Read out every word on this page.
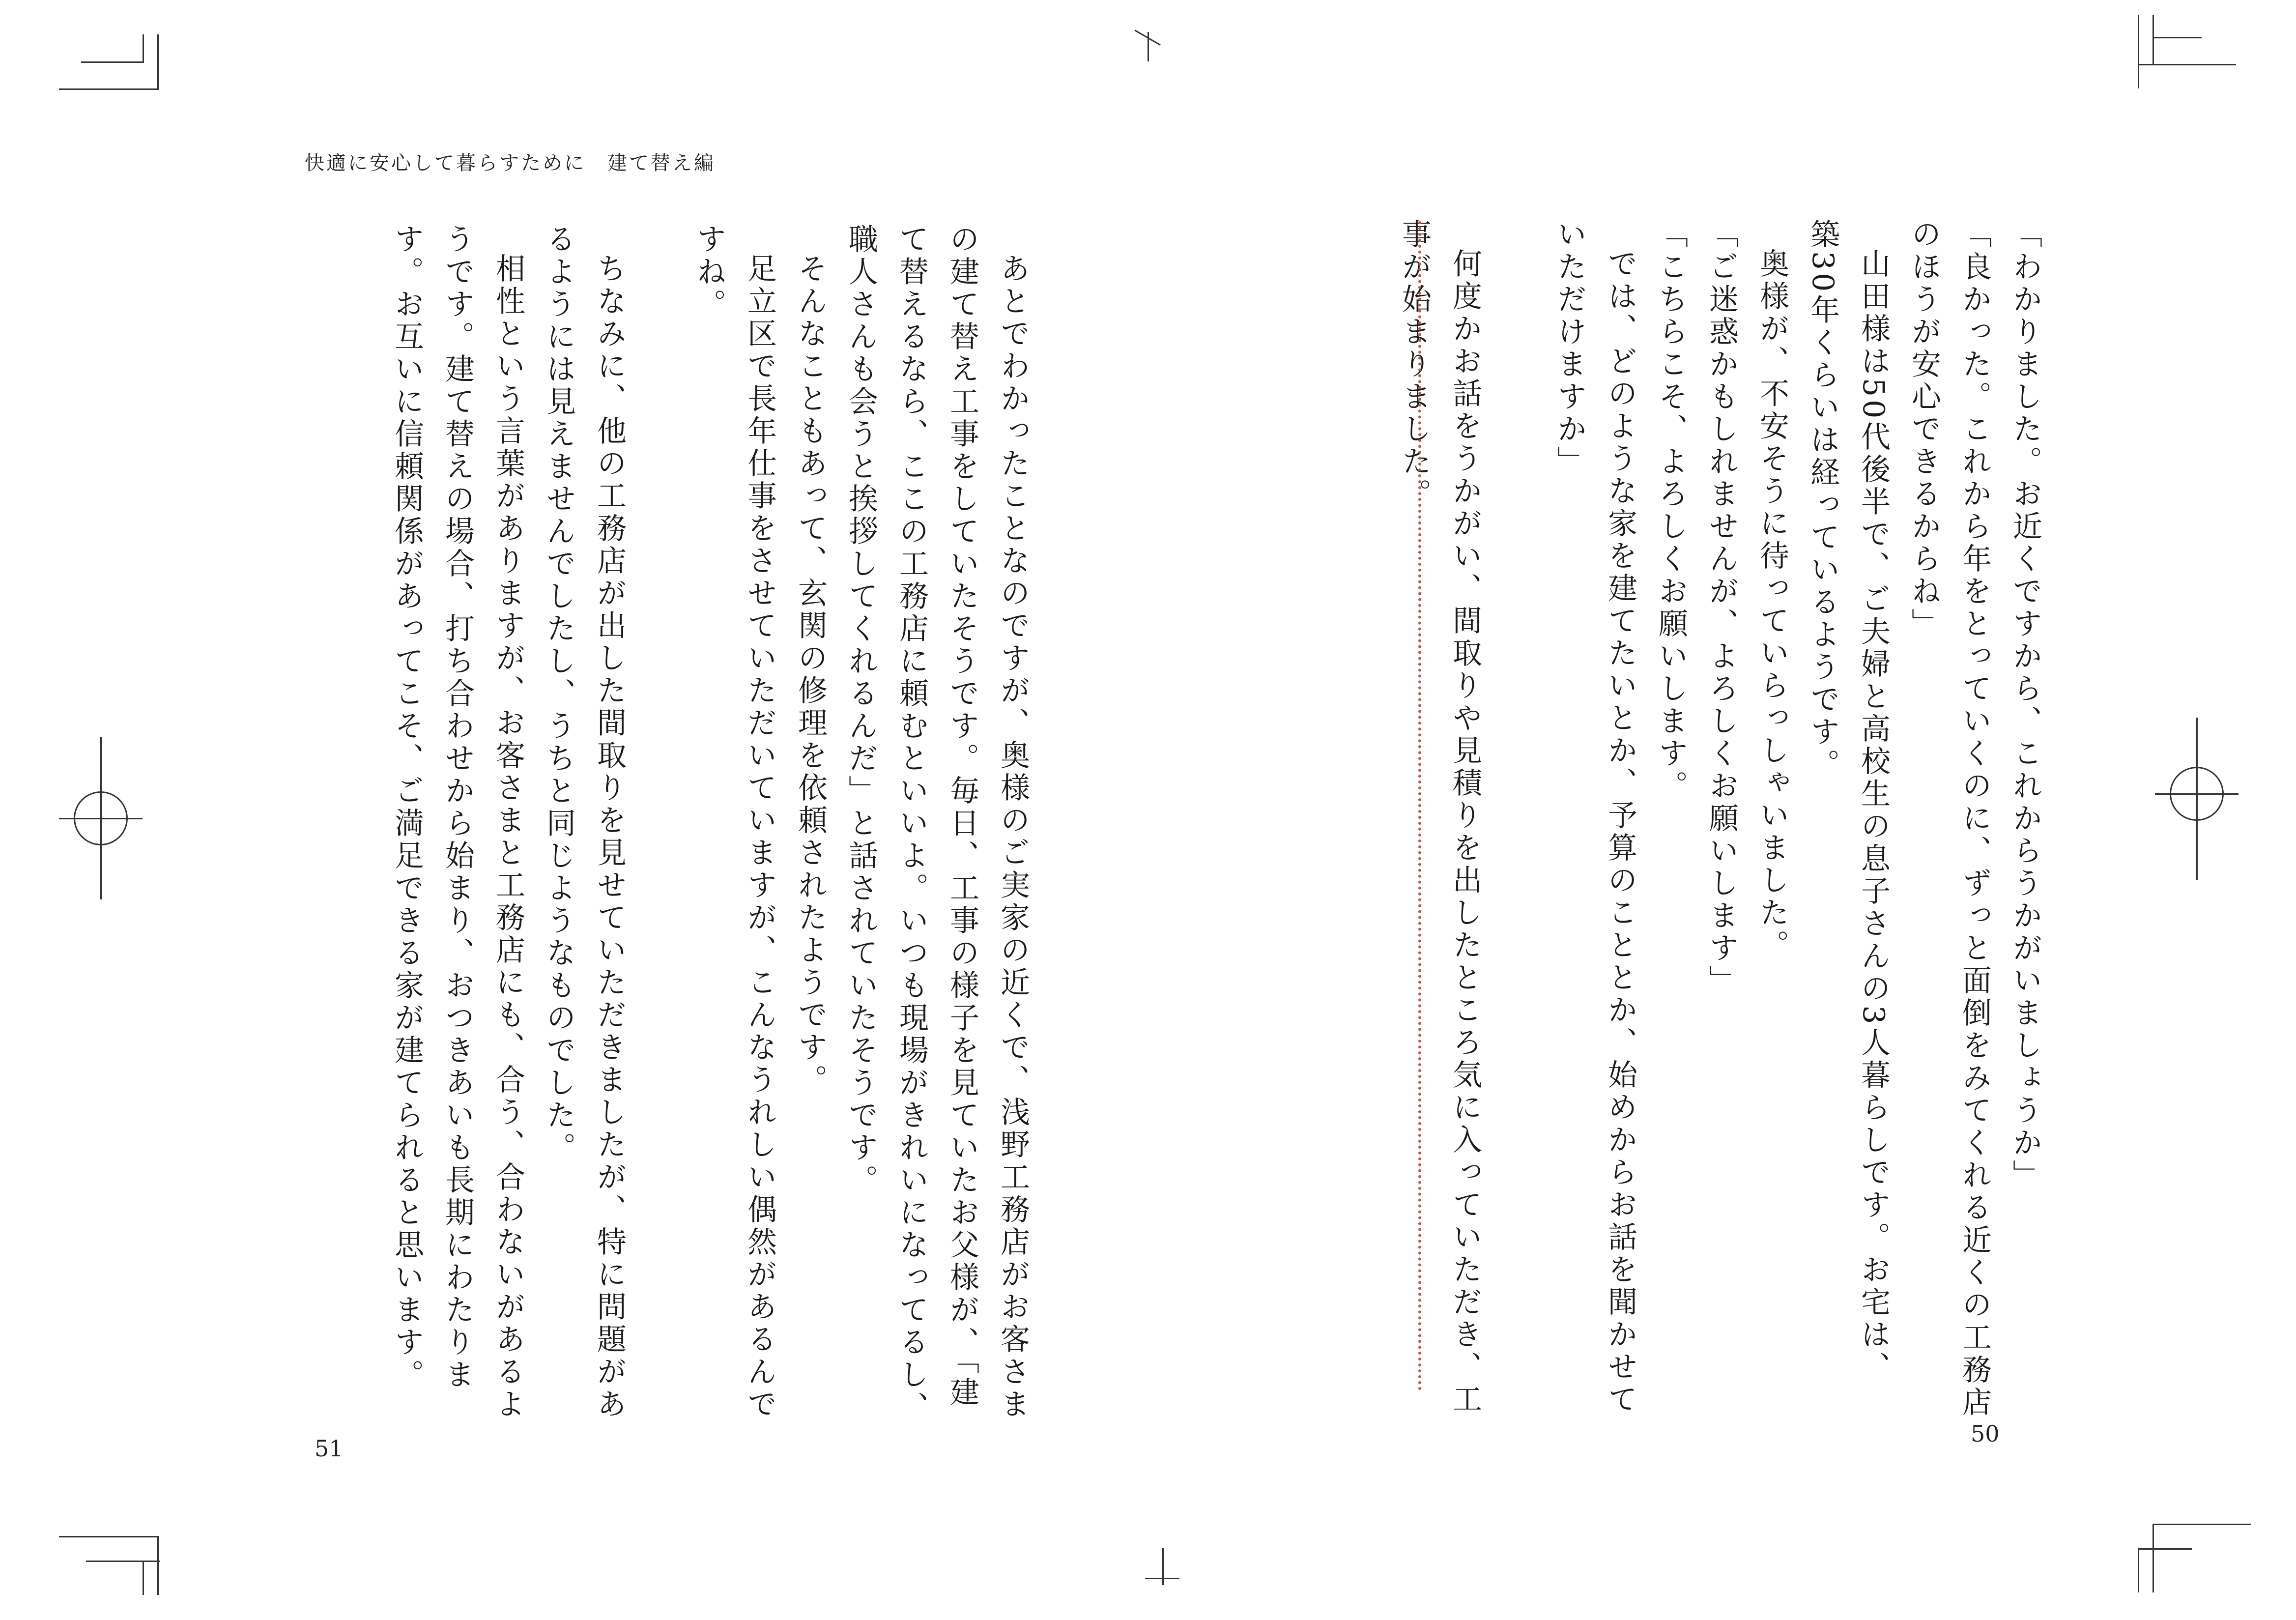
快適に安心して暮らすために　建て替え編

「わかりました。お近くですから、これからうかがいましょうか」

「良かった。これから年をとっていくのに、ずっと面倒をみてくれる近くの工務店

のほうが安心できるからね」

山田様は50代後半で、ご夫婦と高校生の息子さんの3人暮らしです。お宅は、

築30年くらいは経っているようです。

奥様が、不安そうに待っていらっしゃいました。

「ご迷惑かもしれませんが、よろしくお願いします」

「こちらこそ、よろしくお願いします。

では、どのような家を建てたいとか、予算のこととか、始めからお話を聞かせて

いただけますか」

何度かお話をうかがい、間取りや見積りを出したところ気に入っていただき、工

事が始まりました。

50

あとでわかったことなのですが、奥様のご実家の近くで、浅野工務店がお客さま

の建て替え工事をしていたそうです。毎日、工事の様子を見ていたお父様が、「建

て替えるなら、ここの工務店に頼むといいよ。いつも現場がきれいになってるし、

職人さんも会うと挨拶してくれるんだ」と話されていたそうです。

そんなこともあって、玄関の修理を依頼されたようです。

足立区で長年仕事をさせていただいていますが、こんなうれしい偶然があるんで

すね。

ちなみに、他の工務店が出した間取りを見せていただきましたが、特に問題があ

るようには見えませんでしたし、うちと同じようなものでした。

相性という言葉がありますが、お客さまと工務店にも、合う、合わないがあるよ

うです。建て替えの場合、打ち合わせから始まり、おつきあいも長期にわたりま

す。お互いに信頼関係があってこそ、ご満足できる家が建てられると思います。

51
